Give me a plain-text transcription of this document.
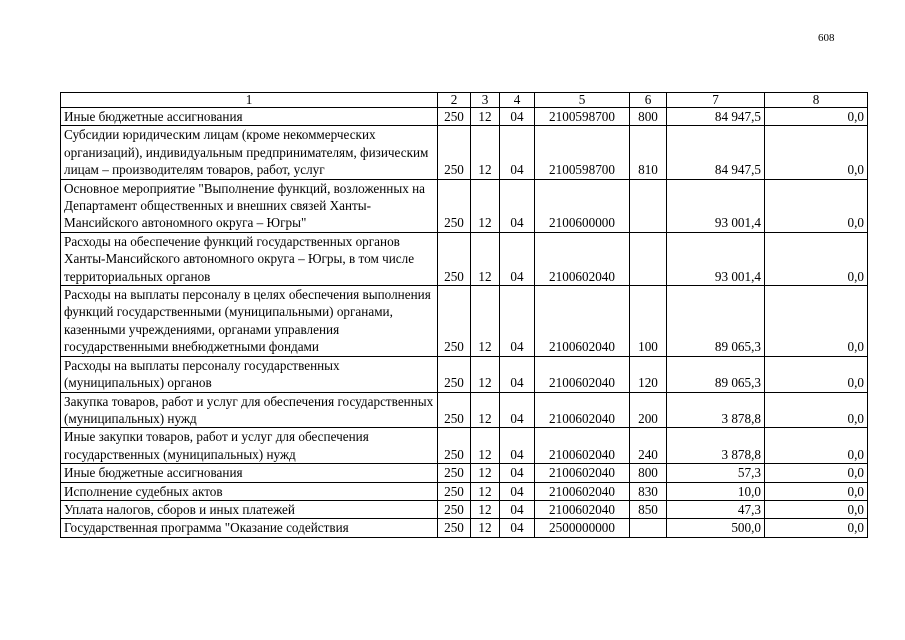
608
1	2	3	4	5	6	7	8
Иные бюджетные ассигнования	250	12	04	2100598700	800	84 947,5	0,0
Субсидии юридическим лицам (кроме некоммерческих организаций), индивидуальным предпринимателям, физическим лицам – производителям товаров, работ, услуг	250	12	04	2100598700	810	84 947,5	0,0
Основное мероприятие "Выполнение функций, возложенных на Департамент общественных и внешних связей Ханты-Мансийского автономного округа – Югры"	250	12	04	2100600000		93 001,4	0,0
Расходы на обеспечение функций государственных органов Ханты-Мансийского автономного округа – Югры, в том числе территориальных органов	250	12	04	2100602040		93 001,4	0,0
Расходы на выплаты персоналу в целях обеспечения выполнения функций государственными (муниципальными) органами, казенными учреждениями, органами управления государственными внебюджетными фондами	250	12	04	2100602040	100	89 065,3	0,0
Расходы на выплаты персоналу государственных (муниципальных) органов	250	12	04	2100602040	120	89 065,3	0,0
Закупка товаров, работ и услуг для обеспечения государственных (муниципальных) нужд	250	12	04	2100602040	200	3 878,8	0,0
Иные закупки товаров, работ и услуг для обеспечения государственных (муниципальных) нужд	250	12	04	2100602040	240	3 878,8	0,0
Иные бюджетные ассигнования	250	12	04	2100602040	800	57,3	0,0
Исполнение судебных актов	250	12	04	2100602040	830	10,0	0,0
Уплата налогов, сборов и иных платежей	250	12	04	2100602040	850	47,3	0,0
Государственная программа "Оказание содействия	250	12	04	2500000000		500,0	0,0
